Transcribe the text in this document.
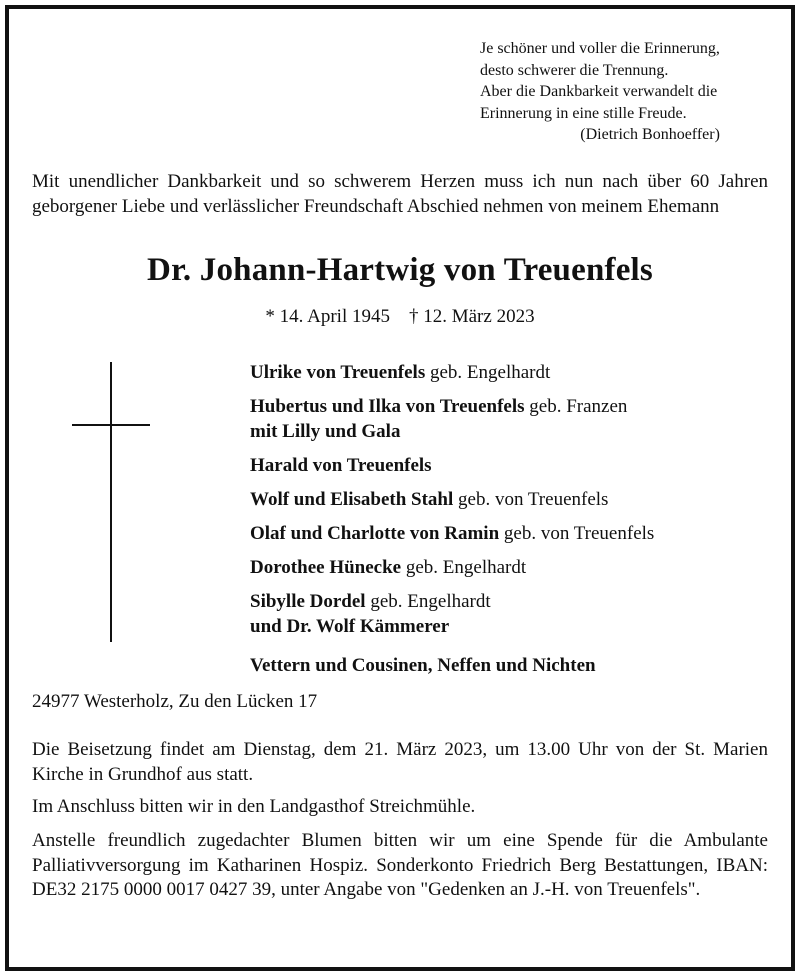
Je schöner und voller die Erinnerung,
desto schwerer die Trennung.
Aber die Dankbarkeit verwandelt die
Erinnerung in eine stille Freude.
(Dietrich Bonhoeffer)
Mit unendlicher Dankbarkeit und so schwerem Herzen muss ich nun nach über 60 Jahren geborgener Liebe und verlässlicher Freundschaft Abschied nehmen von meinem Ehemann
Dr. Johann-Hartwig von Treuenfels
* 14. April 1945 † 12. März 2023
Ulrike von Treuenfels geb. Engelhardt
Hubertus und Ilka von Treuenfels geb. Franzen
mit Lilly und Gala
Harald von Treuenfels
Wolf und Elisabeth Stahl geb. von Treuenfels
Olaf und Charlotte von Ramin geb. von Treuenfels
Dorothee Hünecke geb. Engelhardt
Sibylle Dordel geb. Engelhardt
und Dr. Wolf Kämmerer
Vettern und Cousinen, Neffen und Nichten
24977 Westerholz, Zu den Lücken 17
Die Beisetzung findet am Dienstag, dem 21. März 2023, um 13.00 Uhr von der St. Marien Kirche in Grundhof aus statt.
Im Anschluss bitten wir in den Landgasthof Streichmühle.
Anstelle freundlich zugedachter Blumen bitten wir um eine Spende für die Ambulante Palliativversorgung im Katharinen Hospiz. Sonderkonto Friedrich Berg Bestattungen, IBAN: DE32 2175 0000 0017 0427 39, unter Angabe von "Gedenken an J.-H. von Treuenfels".
